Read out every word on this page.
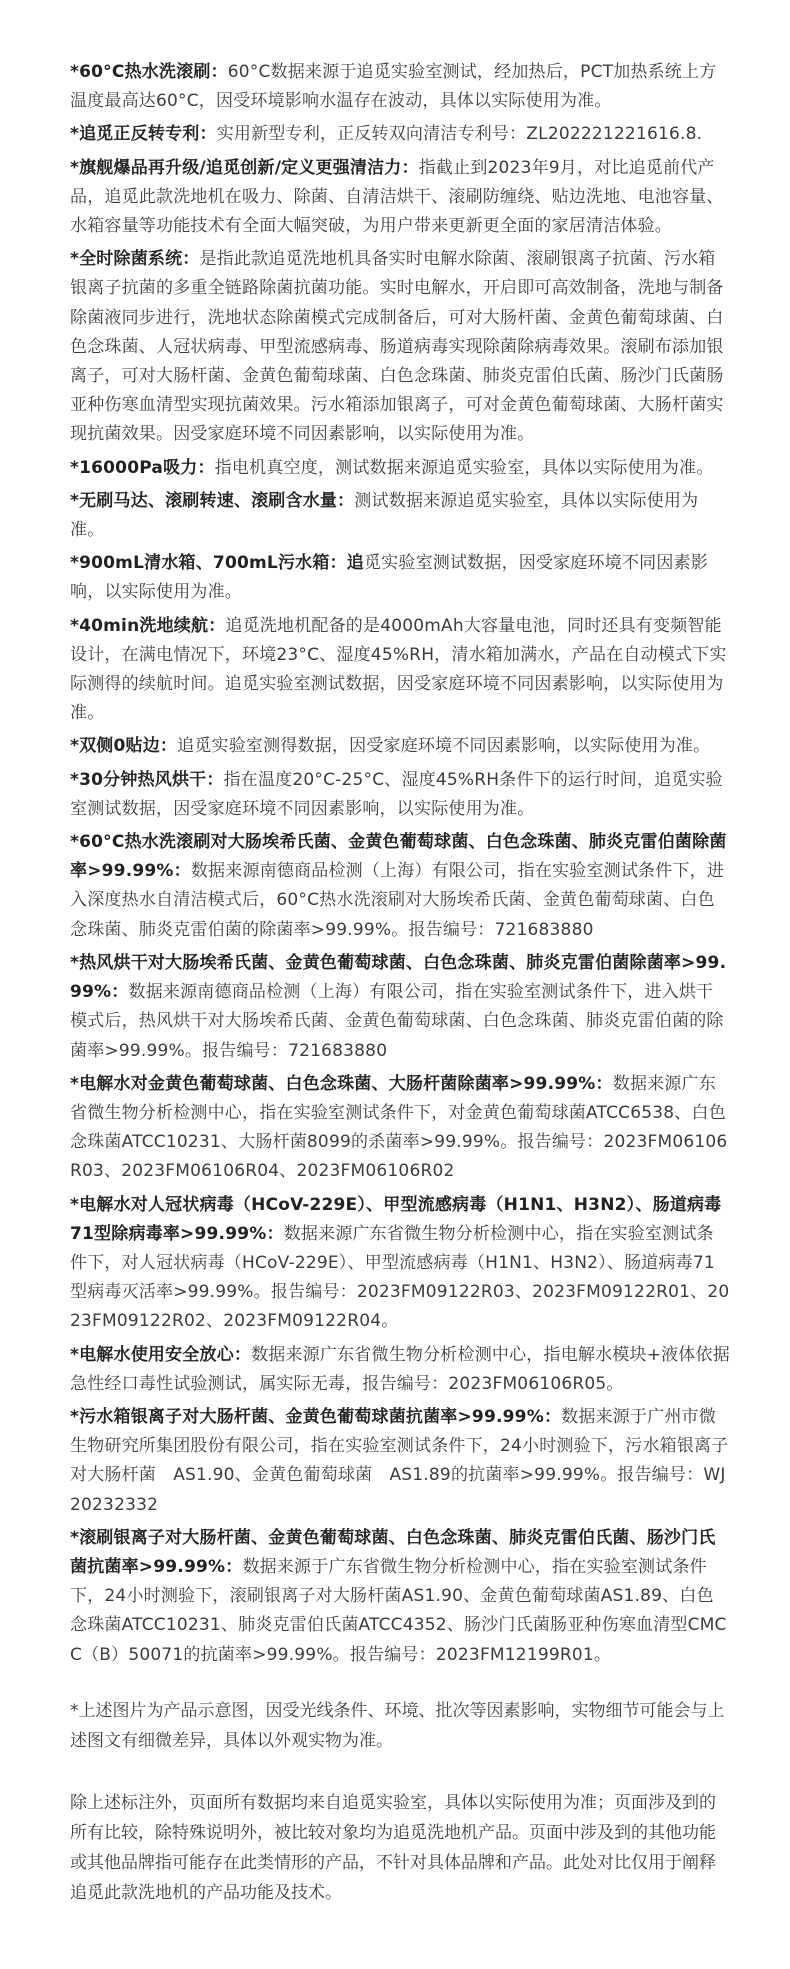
*60°C热水洗滚刷：60°C数据来源于追觅实验室测试，经加热后，PCT加热系统上方温度最高达60°C，因受环境影响水温存在波动，具体以实际使用为准。

*追觅正反转专利：实用新型专利，正反转双向清洁专利号：ZL202221221616.8.

*旗舰爆品再升级/追觅创新/定义更强清洁力：指截止到2023年9月，对比追觅前代产品，追觅此款洗地机在吸力、除菌、自清洁烘干、滚刷防缠绕、贴边洗地、电池容量、水箱容量等功能技术有全面大幅突破，为用户带来更新更全面的家居清洁体验。

*全时除菌系统：是指此款追觅洗地机具备实时电解水除菌、滚刷银离子抗菌、污水箱银离子抗菌的多重全链路除菌抗菌功能。实时电解水，开启即可高效制备，洗地与制备除菌液同步进行，洗地状态除菌模式完成制备后，可对大肠杆菌、金黄色葡萄球菌、白色念珠菌、人冠状病毒、甲型流感病毒、肠道病毒实现除菌除病毒效果。滚刷布添加银离子，可对大肠杆菌、金黄色葡萄球菌、白色念珠菌、肺炎克雷伯氏菌、肠沙门氏菌肠亚种伤寒血清型实现抗菌效果。污水箱添加银离子，可对金黄色葡萄球菌、大肠杆菌实现抗菌效果。因受家庭环境不同因素影响，以实际使用为准。

*16000Pa吸力：指电机真空度，测试数据来源追觅实验室，具体以实际使用为准。

*无刷马达、滚刷转速、滚刷含水量：测试数据来源追觅实验室，具体以实际使用为准。

*900mL清水箱、700mL污水箱：追觅实验室测试数据，因受家庭环境不同因素影响，以实际使用为准。

*40min洗地续航：追觅洗地机配备的是4000mAh大容量电池，同时还具有变频智能设计，在满电情况下，环境23°C、湿度45%RH，清水箱加满水，产品在自动模式下实际测得的续航时间。追觅实验室测试数据，因受家庭环境不同因素影响，以实际使用为准。

*双侧0贴边：追觅实验室测得数据，因受家庭环境不同因素影响，以实际使用为准。

*30分钟热风烘干：指在温度20°C-25°C、湿度45%RH条件下的运行时间，追觅实验室测试数据，因受家庭环境不同因素影响，以实际使用为准。

*60°C热水洗滚刷对大肠埃希氏菌、金黄色葡萄球菌、白色念珠菌、肺炎克雷伯菌除菌率>99.99%：数据来源南德商品检测（上海）有限公司，指在实验室测试条件下，进入深度热水自清洁模式后，60°C热水洗滚刷对大肠埃希氏菌、金黄色葡萄球菌、白色念珠菌、肺炎克雷伯菌的除菌率>99.99%。报告编号：721683880

*热风烘干对大肠埃希氏菌、金黄色葡萄球菌、白色念珠菌、肺炎克雷伯菌除菌率>99.99%：数据来源南德商品检测（上海）有限公司，指在实验室测试条件下，进入烘干模式后，热风烘干对大肠埃希氏菌、金黄色葡萄球菌、白色念珠菌、肺炎克雷伯菌的除菌率>99.99%。报告编号：721683880

*电解水对金黄色葡萄球菌、白色念珠菌、大肠杆菌除菌率>99.99%：数据来源广东省微生物分析检测中心，指在实验室测试条件下，对金黄色葡萄球菌ATCC6538、白色念珠菌ATCC10231、大肠杆菌8099的杀菌率>99.99%。报告编号：2023FM06106R03、2023FM06106R04、2023FM06106R02

*电解水对人冠状病毒（HCoV-229E）、甲型流感病毒（H1N1、H3N2）、肠道病毒71型除病毒率>99.99%：数据来源广东省微生物分析检测中心，指在实验室测试条件下，对人冠状病毒（HCoV-229E）、甲型流感病毒（H1N1、H3N2）、肠道病毒71型病毒灭活率>99.99%。报告编号：2023FM09122R03、2023FM09122R01、2023FM09122R02、2023FM09122R04。

*电解水使用安全放心：数据来源广东省微生物分析检测中心，指电解水模块+液体依据急性经口毒性试验测试，属实际无毒，报告编号：2023FM06106R05。

*污水箱银离子对大肠杆菌、金黄色葡萄球菌抗菌率>99.99%：数据来源于广州市微生物研究所集团股份有限公司，指在实验室测试条件下，24小时测验下，污水箱银离子对大肠杆菌　AS1.90、金黄色葡萄球菌　AS1.89的抗菌率>99.99%。报告编号：WJ20232332

*滚刷银离子对大肠杆菌、金黄色葡萄球菌、白色念珠菌、肺炎克雷伯氏菌、肠沙门氏菌抗菌率>99.99%：数据来源于广东省微生物分析检测中心，指在实验室测试条件下，24小时测验下，滚刷银离子对大肠杆菌AS1.90、金黄色葡萄球菌AS1.89、白色念珠菌ATCC10231、肺炎克雷伯氏菌ATCC4352、肠沙门氏菌肠亚种伤寒血清型CMCC（B）50071的抗菌率>99.99%。报告编号：2023FM12199R01。

*上述图片为产品示意图，因受光线条件、环境、批次等因素影响，实物细节可能会与上述图文有细微差异，具体以外观实物为准。

除上述标注外，页面所有数据均来自追觅实验室，具体以实际使用为准；页面涉及到的所有比较，除特殊说明外，被比较对象均为追觅洗地机产品。页面中涉及到的其他功能或其他品牌指可能存在此类情形的产品，不针对具体品牌和产品。此处对比仅用于阐释追觅此款洗地机的产品功能及技术。
